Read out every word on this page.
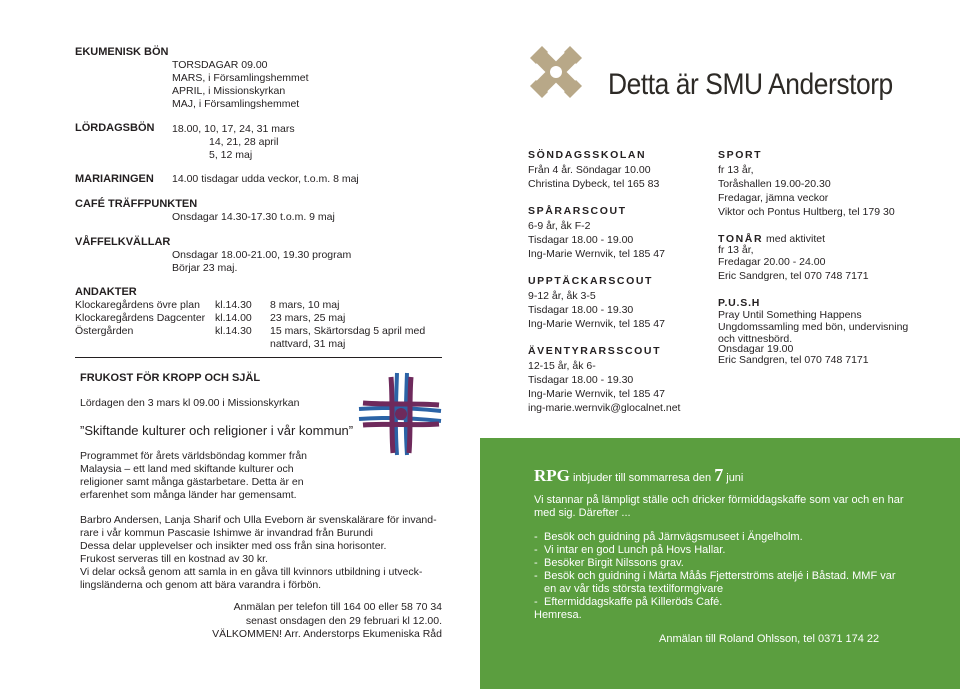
EKUMENISK BÖN
TORSDAGAR 09.00
MARS, i Församlingshemmet
APRIL, i Missionskyrkan
MAJ, i Församlingshemmet
LÖRDAGSBÖN 18.00, 10, 17, 24, 31 mars
14, 21, 28 april
5, 12 maj
MARIARINGEN 14.00 tisdagar udda veckor, t.o.m. 8 maj
CAFÉ TRÄFFPUNKTEN
Onsdagar 14.30-17.30 t.o.m. 9 maj
VÅFFELKVÄLLAR
Onsdagar 18.00-21.00, 19.30 program
Börjar 23 maj.
ANDAKTER
Klockaregårdens övre plan kl.14.30 8 mars, 10 maj
Klockaregårdens Dagcenter kl.14.00 23 mars, 25 maj
Östergården	kl.14.30 15 mars, Skärtorsdag 5 april med
nattvard, 31 maj
FRUKOST FÖR KROPP OCH SJÄL
Lördagen den 3 mars kl 09.00 i Missionskyrkan
”Skiftande kulturer och religioner i vår kommun”
Programmet för årets världsböndag kommer från
Malaysia – ett land med skiftande kulturer och
religioner samt många gästarbetare. Detta är en
erfarenhet som många länder har gemensamt.
Barbro Andersen, Lanja Sharif och Ulla Eveborn är svenskalärare för invand-
rare i vår kommun Pascasie Ishimwe är invandrad från Burundi
Dessa delar upplevelser och insikter med oss från sina horisonter.
Frukost serveras till en kostnad av 30 kr.
Vi delar också genom att samla in en gåva till kvinnors utbildning i utveck-
lingsländerna och genom att bära varandra i förbön.
Anmälan per telefon till 164 00 eller 58 70 34
senast onsdagen den 29 februari kl 12.00.
VÄLKOMMEN! Arr. Anderstorps Ekumeniska Råd
Detta är SMU Anderstorp
SÖNDAGSSKOLAN
Från 4 år. Söndagar 10.00
Christina Dybeck, tel 165 83
SPÅRARSCOUT
6-9 år, åk F-2
Tisdagar 18.00 - 19.00
Ing-Marie Wernvik, tel 185 47
UPPTÄCKARSCOUT
9-12 år, åk 3-5
Tisdagar 18.00 - 19.30
Ing-Marie Wernvik, tel 185 47
ÄVENTYRARSSCOUT
12-15 år, åk 6-
Tisdagar 18.00 - 19.30
Ing-Marie Wernvik, tel 185 47
ing-marie.wernvik@glocalnet.net
SPORT
fr 13 år,
Toråshallen 19.00-20.30
Fredagar, jämna veckor
Viktor och Pontus Hultberg, tel 179 30
TONÅR med aktivitet
fr 13 år,
Fredagar 20.00 - 24.00
Eric Sandgren, tel 070 748 7171
P.U.S.H
Pray Until Something Happens
Ungdomssamling med bön, undervisning
och vittnesbörd.
Onsdagar 19.00
Eric Sandgren, tel 070 748 7171
RPG inbjuder till sommarresa den 7 juni
Vi stannar på lämpligt ställe och dricker förmiddagskaffe som var och en har
med sig. Därefter ...
- Besök och guidning på Järnvägsmuseet i Ängelholm.
- Vi intar en god Lunch på Hovs Hallar.
- Besöker Birgit Nilssons grav.
- Besök och guidning i Märta Måås Fjetterströms ateljé i Båstad. MMF var
en av vår tids största textilformgivare
- Eftermiddagskaffe på Killeröds Café.
Hemresa.
Anmälan till Roland Ohlsson, tel 0371 174 22
